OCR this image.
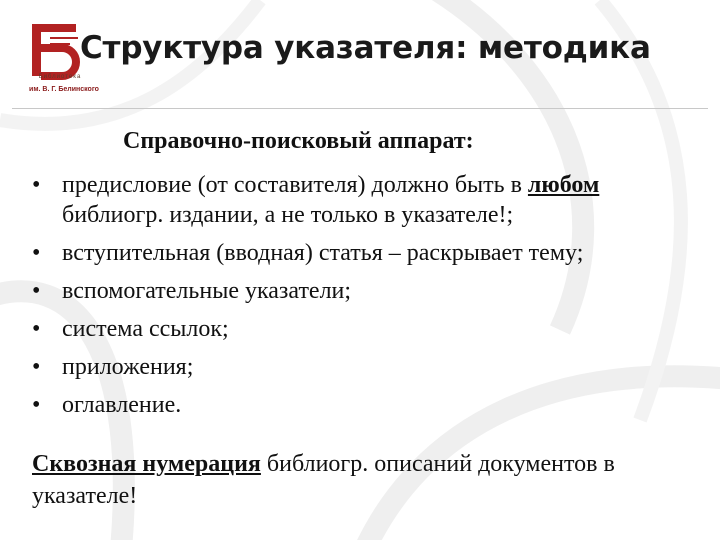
Библиотека
им. В. Г. Белинского
Структура указателя: методика
Справочно-поисковый аппарат:
• предисловие (от составителя) должно быть в любом библиогр. издании, а не только в указателе!;
• вступительная (вводная) статья – раскрывает тему;
• вспомогательные указатели;
• система ссылок;
• приложения;
• оглавление.
Сквозная нумерация библиогр. описаний документов в указателе!
